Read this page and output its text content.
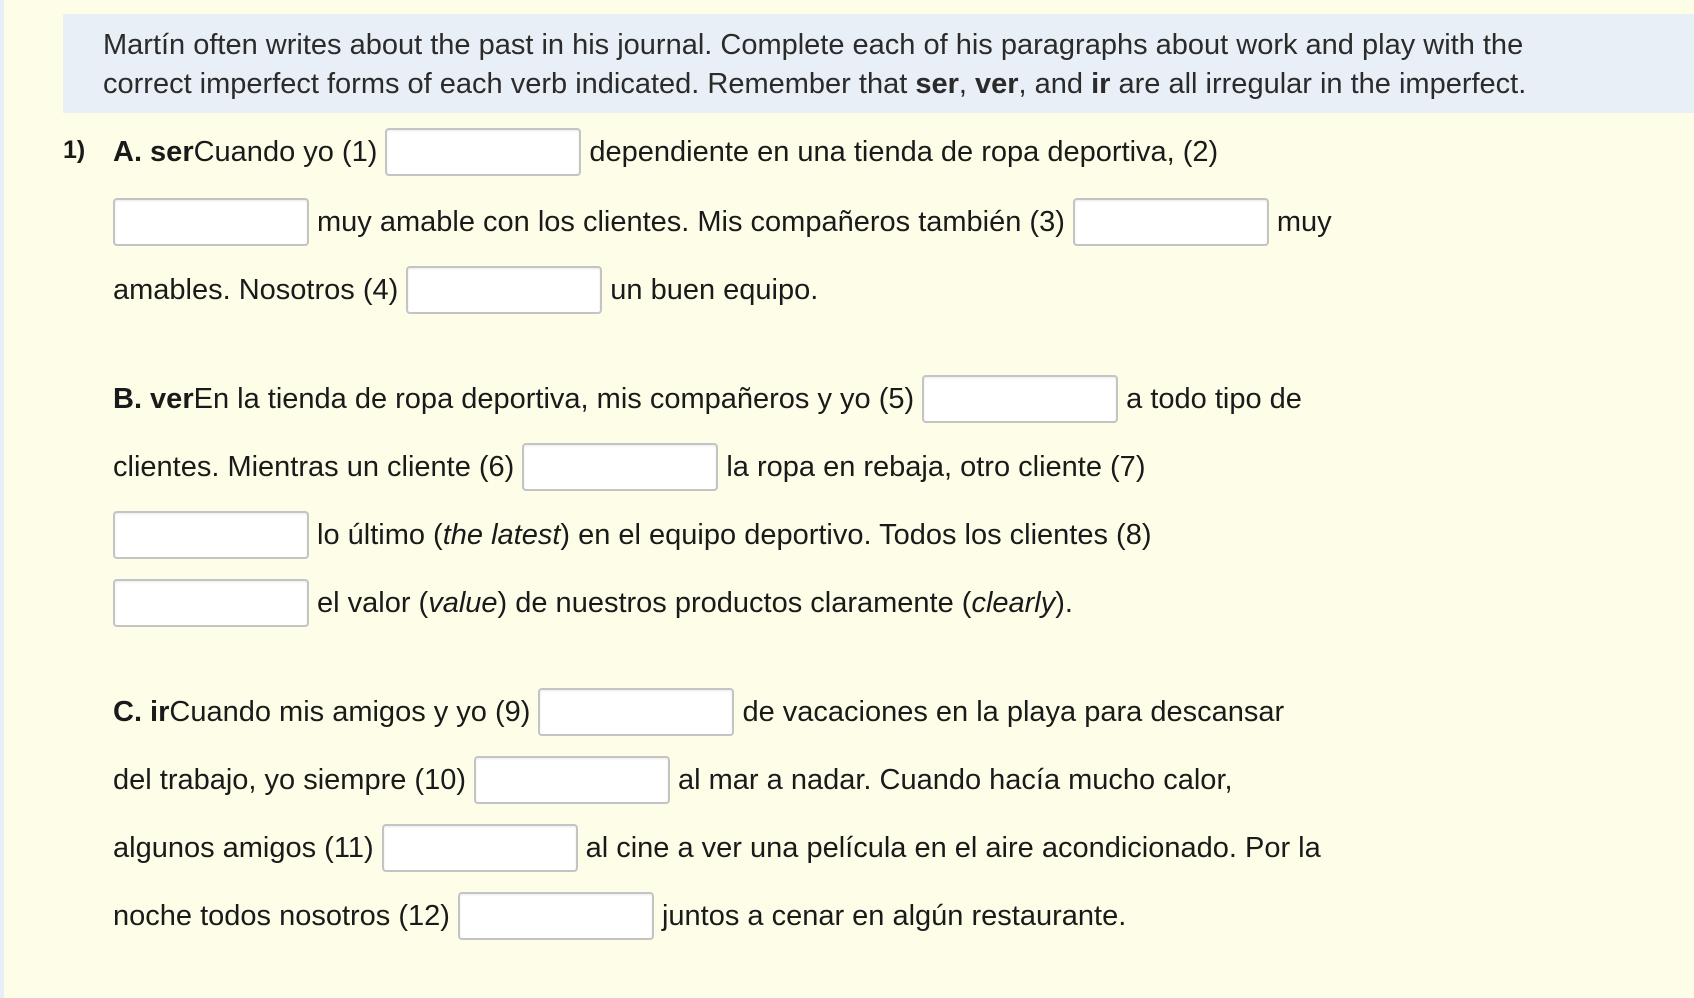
Martín often writes about the past in his journal. Complete each of his paragraphs about work and play with the
correct imperfect forms of each verb indicated. Remember that ser, ver, and ir are all irregular in the imperfect.
1) A. ser Cuando yo (1)	dependiente en una tienda de ropa deportiva, (2)
muy amable con los clientes. Mis compañeros también (3)	muy
amables. Nosotros (4)	un buen equipo.
B. ver En la tienda de ropa deportiva, mis compañeros y yo (5)	a todo tipo de
clientes. Mientras un cliente (6)	la ropa en rebaja, otro cliente (7)
lo último (the latest) en el equipo deportivo. Todos los clientes (8)
el valor (value) de nuestros productos claramente (clearly).
C. ir Cuando mis amigos y yo (9)	de vacaciones en la playa para descansar
del trabajo, yo siempre (10)	al mar a nadar. Cuando hacía mucho calor,
algunos amigos (11)	al cine a ver una película en el aire acondicionado. Por la
noche todos nosotros (12)	juntos a cenar en algún restaurante.
